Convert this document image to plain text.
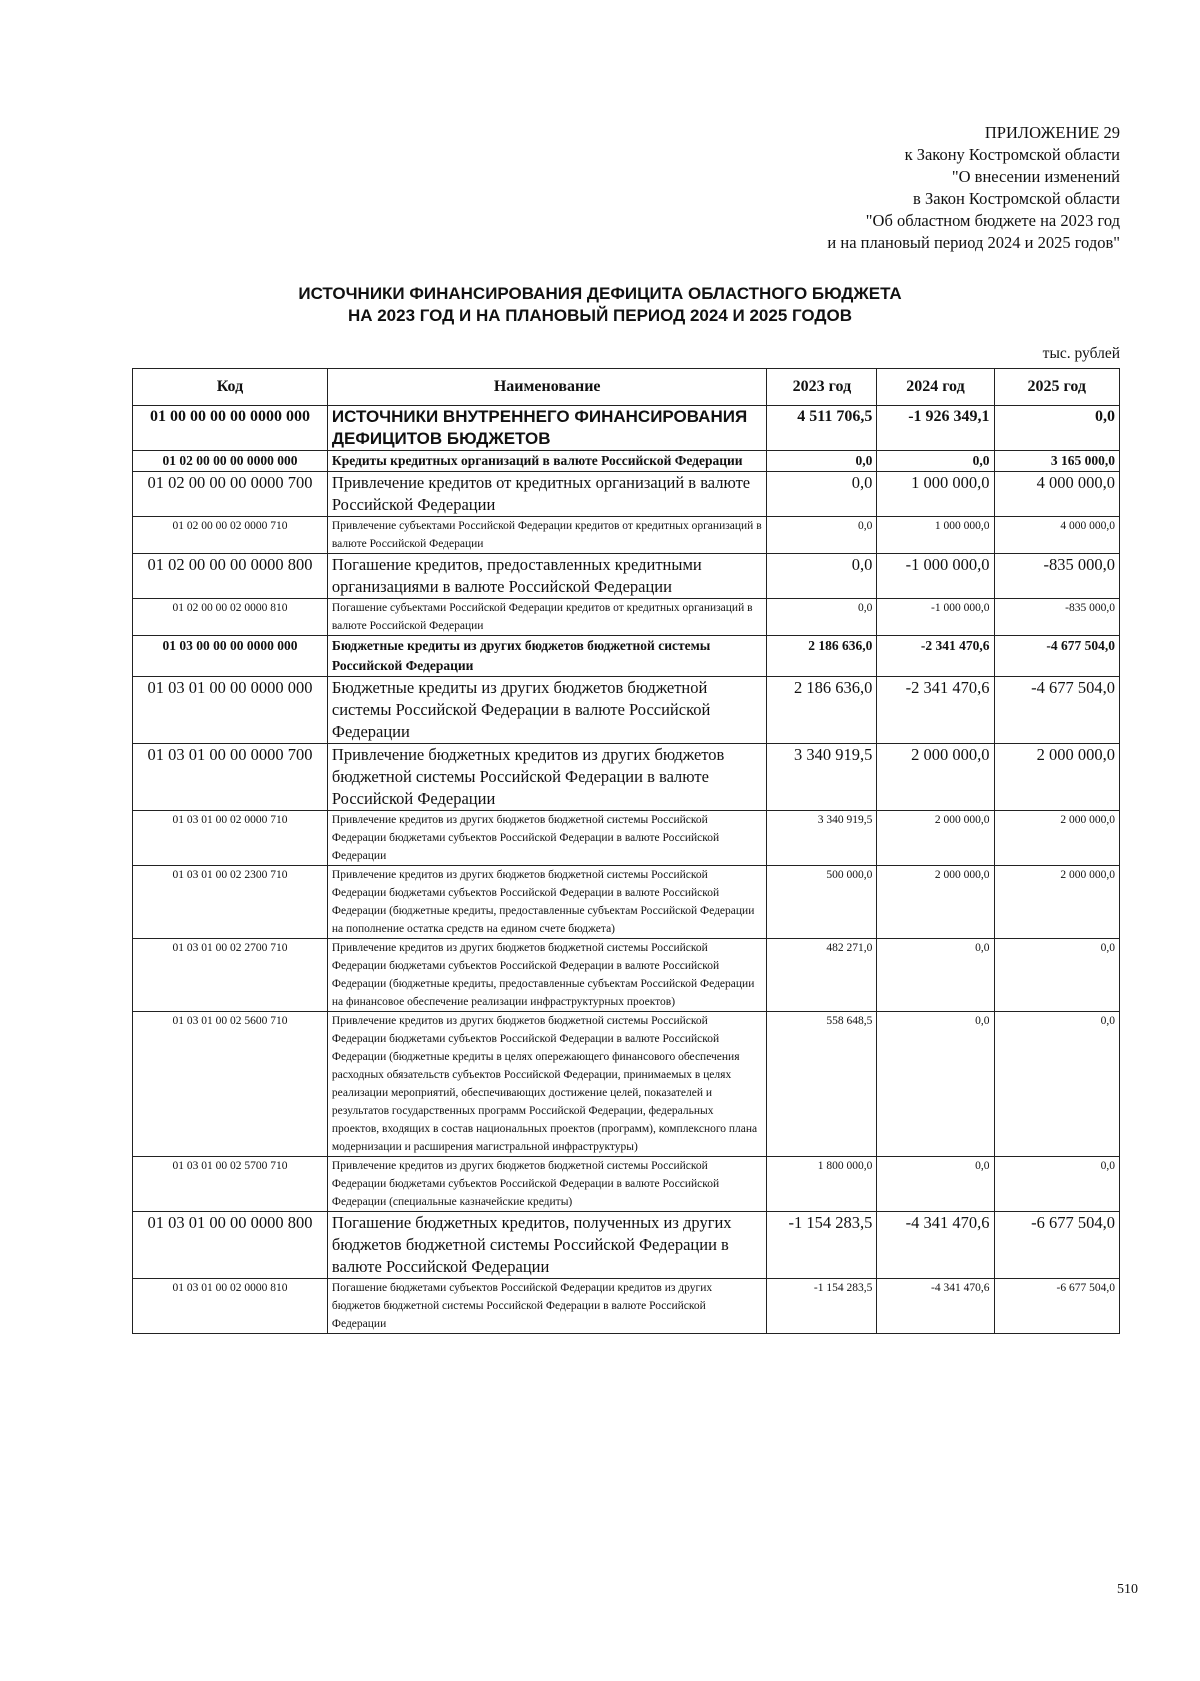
ПРИЛОЖЕНИЕ 29
к Закону Костромской области
"О внесении изменений
в Закон Костромской области
"Об областном бюджете на 2023 год
и на плановый период 2024 и 2025 годов"
ИСТОЧНИКИ ФИНАНСИРОВАНИЯ ДЕФИЦИТА ОБЛАСТНОГО БЮДЖЕТА
НА 2023 ГОД И НА ПЛАНОВЫЙ ПЕРИОД 2024 И 2025 ГОДОВ
тыс. рублей
Код	Наименование	2023 год	2024 год	2025 год
01 00 00 00 00 0000 000	ИСТОЧНИКИ ВНУТРЕННЕГО ФИНАНСИРОВАНИЯ ДЕФИЦИТОВ БЮДЖЕТОВ	4 511 706,5	-1 926 349,1	0,0
01 02 00 00 00 0000 000	Кредиты кредитных организаций в валюте Российской Федерации	0,0	0,0	3 165 000,0
01 02 00 00 00 0000 700	Привлечение кредитов от кредитных организаций в валюте Российской Федерации	0,0	1 000 000,0	4 000 000,0
01 02 00 00 02 0000 710	Привлечение субъектами Российской Федерации кредитов от кредитных организаций в валюте Российской Федерации	0,0	1 000 000,0	4 000 000,0
01 02 00 00 00 0000 800	Погашение кредитов, предоставленных кредитными организациями в валюте Российской Федерации	0,0	-1 000 000,0	-835 000,0
01 02 00 00 02 0000 810	Погашение субъектами Российской Федерации кредитов от кредитных организаций в валюте Российской Федерации	0,0	-1 000 000,0	-835 000,0
01 03 00 00 00 0000 000	Бюджетные кредиты из других бюджетов бюджетной системы Российской Федерации	2 186 636,0	-2 341 470,6	-4 677 504,0
01 03 01 00 00 0000 000	Бюджетные кредиты из других бюджетов бюджетной системы Российской Федерации в валюте Российской Федерации	2 186 636,0	-2 341 470,6	-4 677 504,0
01 03 01 00 00 0000 700	Привлечение бюджетных кредитов из других бюджетов бюджетной системы Российской Федерации в валюте Российской Федерации	3 340 919,5	2 000 000,0	2 000 000,0
01 03 01 00 02 0000 710	Привлечение кредитов из других бюджетов бюджетной системы Российской Федерации бюджетами субъектов Российской Федерации в валюте Российской Федерации	3 340 919,5	2 000 000,0	2 000 000,0
01 03 01 00 02 2300 710	Привлечение кредитов из других бюджетов бюджетной системы Российской Федерации бюджетами субъектов Российской Федерации в валюте Российской Федерации (бюджетные кредиты, предоставленные субъектам Российской Федерации на пополнение остатка средств на едином счете бюджета)	500 000,0	2 000 000,0	2 000 000,0
01 03 01 00 02 2700 710	Привлечение кредитов из других бюджетов бюджетной системы Российской Федерации бюджетами субъектов Российской Федерации в валюте Российской Федерации (бюджетные кредиты, предоставленные субъектам Российской Федерации на финансовое обеспечение реализации инфраструктурных проектов)	482 271,0	0,0	0,0
01 03 01 00 02 5600 710	Привлечение кредитов из других бюджетов бюджетной системы Российской Федерации бюджетами субъектов Российской Федерации в валюте Российской Федерации (бюджетные кредиты в целях опережающего финансового обеспечения расходных обязательств субъектов Российской Федерации, принимаемых в целях реализации мероприятий, обеспечивающих достижение целей, показателей и результатов государственных программ Российской Федерации, федеральных проектов, входящих в состав национальных проектов (программ), комплексного плана модернизации и расширения магистральной инфраструктуры)	558 648,5	0,0	0,0
01 03 01 00 02 5700 710	Привлечение кредитов из других бюджетов бюджетной системы Российской Федерации бюджетами субъектов Российской Федерации в валюте Российской Федерации (специальные казначейские кредиты)	1 800 000,0	0,0	0,0
01 03 01 00 00 0000 800	Погашение бюджетных кредитов, полученных из других бюджетов бюджетной системы Российской Федерации в валюте Российской Федерации	-1 154 283,5	-4 341 470,6	-6 677 504,0
01 03 01 00 02 0000 810	Погашение бюджетами субъектов Российской Федерации кредитов из других бюджетов бюджетной системы Российской Федерации в валюте Российской Федерации	-1 154 283,5	-4 341 470,6	-6 677 504,0
510
